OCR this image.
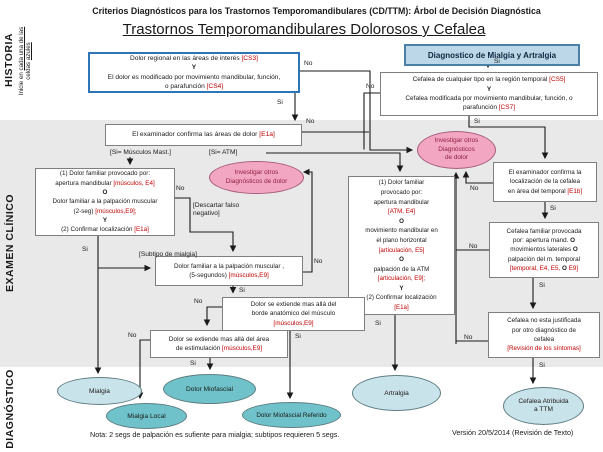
Criterios Diagnósticos para los Trastornos Temporomandibulares (CD/TTM): Árbol de Decisión Diagnóstica
Trastornos Temporomandibulares Dolorosos y Cefalea
HISTORIA Inicie en cada una de las celdas azules
EXAMEN CLÍNICO
DIAGNÓSTICO
Dolor regional en las áreas de interés [CS3]
Y
El dolor es modificado por movimiento mandibular, función,
o parafunción [CS4]
Diagnostico de Mialgia y Artralgia
Cefalea de cualquier tipo en la región temporal [CS5]
Y
Cefalea modificada por movimiento mandibular, función, o
parafunción [CS7]
El examinador confirma las áreas de dolor [E1a]
(1) Dolor familiar provocado por:
apertura mandibular [músculos, E4]
O
Dolor familiar a la palpación muscular
(2-seg) [músculos,E9];
Y
(2) Confirmar localización [E1a]
(1) Dolor familiar
provocado por:
apertura mandibular
[ATM, E4]
O
movimiento mandibular en
el plano horizontal
[articulación, E5]
O
palpación de la ATM
[articulación, E9];
Y
(2) Confirmar localización
[E1a]
El examinador confirma la
localización de la cefalea
en área del temporal [E1b]
Cefalea familiar provocada
por: apertura mand. O
movimientos laterales O
palpación del m. temporal
[temporal, E4, E5, O E9]
Cefalea no esta justificada
por otro diagnóstico de
cefalea
[Revisión de los síntomas]
Dolor familiar a la palpación muscular ,
(5-segundos) [músculos,E9]
Dolor se extiende mas allá del
borde anatómico del músculo
[músculos,E9]
Dolor se extiende mas allá del área
de estimulación [músculos,E9]
Investigar otros
Diagnósticos de dolor
Investigar otros
Diagnósticos
de dolor
Mialgia
Mialgia Local
Dolor Miofascial
Dolor Miofascial Referido
Artralgia
Cefalea Atribuida
a TTM
Si
No
No
No
Si
Si
No
Si
No
Si
No
Si
Si
No
Si
No
No
Si
No
Si
Si
[Si= Músculos Mast.]	[Si= ATM]
[Descartar falso
negativo]
[Subtipo de mialgia]
Nota: 2 segs de palpación es sufiente para mialgia; subtipos requieren 5 segs.	Versión 20/5/2014 (Revisión de Texto)
